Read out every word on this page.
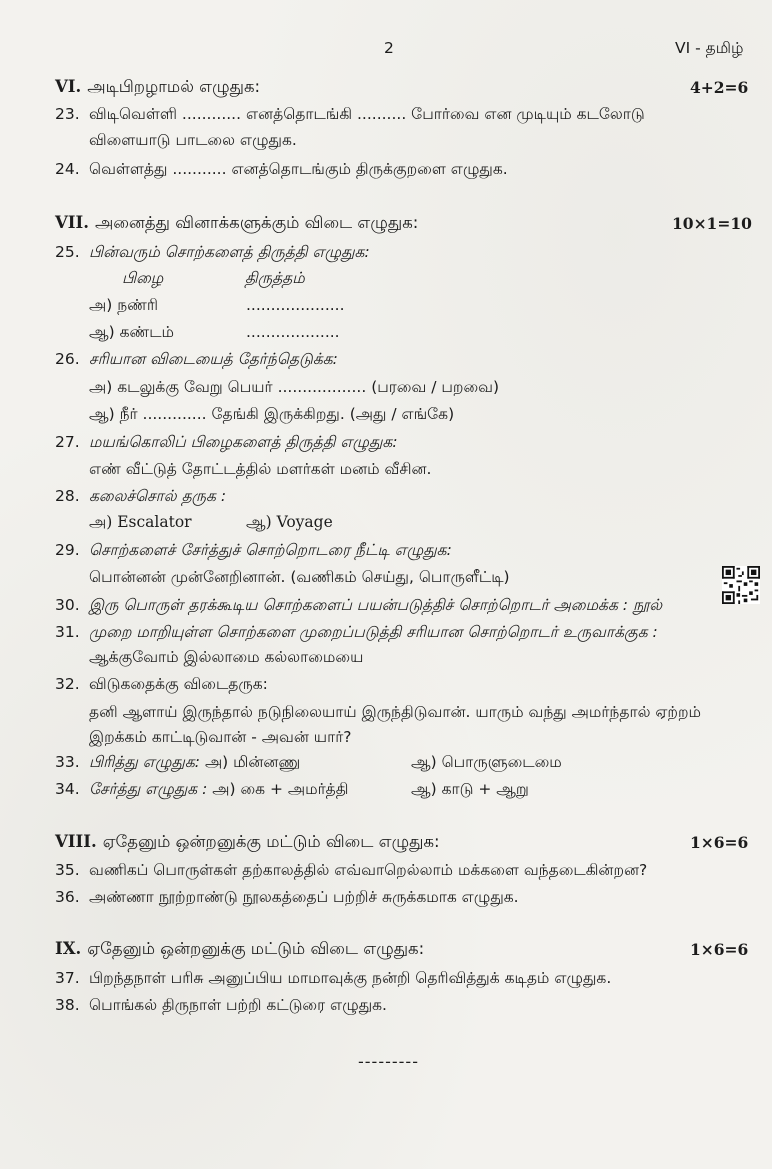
2	VI - தமிழ்
VI. அடிபிறழாமல் எழுதுக:	4+2=6
23. விடிவெள்ளி ............ எனத்தொடங்கி .......... போர்வை என முடியும் கடலோடு
விளையாடு பாடலை எழுதுக.
24. வெள்ளத்து ........... எனத்தொடங்கும் திருக்குறளை எழுதுக.
VII. அனைத்து வினாக்களுக்கும் விடை எழுதுக:	10×1=10
25. பின்வரும் சொற்களைத் திருத்தி எழுதுக:
பிழை	திருத்தம்
அ) நண்ரி	....................
ஆ) கண்டம்	...................
26. சரியான விடையைத் தேர்ந்தெடுக்க:
அ) கடலுக்கு வேறு பெயர் .................. (பரவை / பறவை)
ஆ) நீர் ............. தேங்கி இருக்கிறது. (அது / எங்கே)
27. மயங்கொலிப் பிழைகளைத் திருத்தி எழுதுக:
எண் வீட்டுத் தோட்டத்தில் மளர்கள் மனம் வீசின.
28. கலைச்சொல் தருக :
அ) Escalator	ஆ) Voyage
29. சொற்களைச் சேர்த்துச் சொற்றொடரை நீட்டி எழுதுக:
பொன்னன் முன்னேறினான். (வணிகம் செய்து, பொருளீட்டி)
30. இரு பொருள் தரக்கூடிய சொற்களைப் பயன்படுத்திச் சொற்றொடர் அமைக்க : நூல்
31. முறை மாறியுள்ள சொற்களை முறைப்படுத்தி சரியான சொற்றொடர் உருவாக்குக :
ஆக்குவோம் இல்லாமை கல்லாமையை
32. விடுகதைக்கு விடைதருக:
தனி ஆளாய் இருந்தால் நடுநிலையாய் இருந்திடுவான். யாரும் வந்து அமர்ந்தால் ஏற்றம்
இறக்கம் காட்டிடுவான் - அவன் யார்?
33. பிரித்து எழுதுக: அ) மின்னணு	ஆ) பொருளுடைமை
34. சேர்த்து எழுதுக : அ) கை + அமர்த்தி	ஆ) காடு + ஆறு
VIII. ஏதேனும் ஒன்றனுக்கு மட்டும் விடை எழுதுக:	1×6=6
35. வணிகப் பொருள்கள் தற்காலத்தில் எவ்வாறெல்லாம் மக்களை வந்தடைகின்றன?
36. அண்ணா நூற்றாண்டு நூலகத்தைப் பற்றிச் சுருக்கமாக எழுதுக.
IX. ஏதேனும் ஒன்றனுக்கு மட்டும் விடை எழுதுக:	1×6=6
37. பிறந்தநாள் பரிசு அனுப்பிய மாமாவுக்கு நன்றி தெரிவித்துக் கடிதம் எழுதுக.
38. பொங்கல் திருநாள் பற்றி கட்டுரை எழுதுக.
---------
